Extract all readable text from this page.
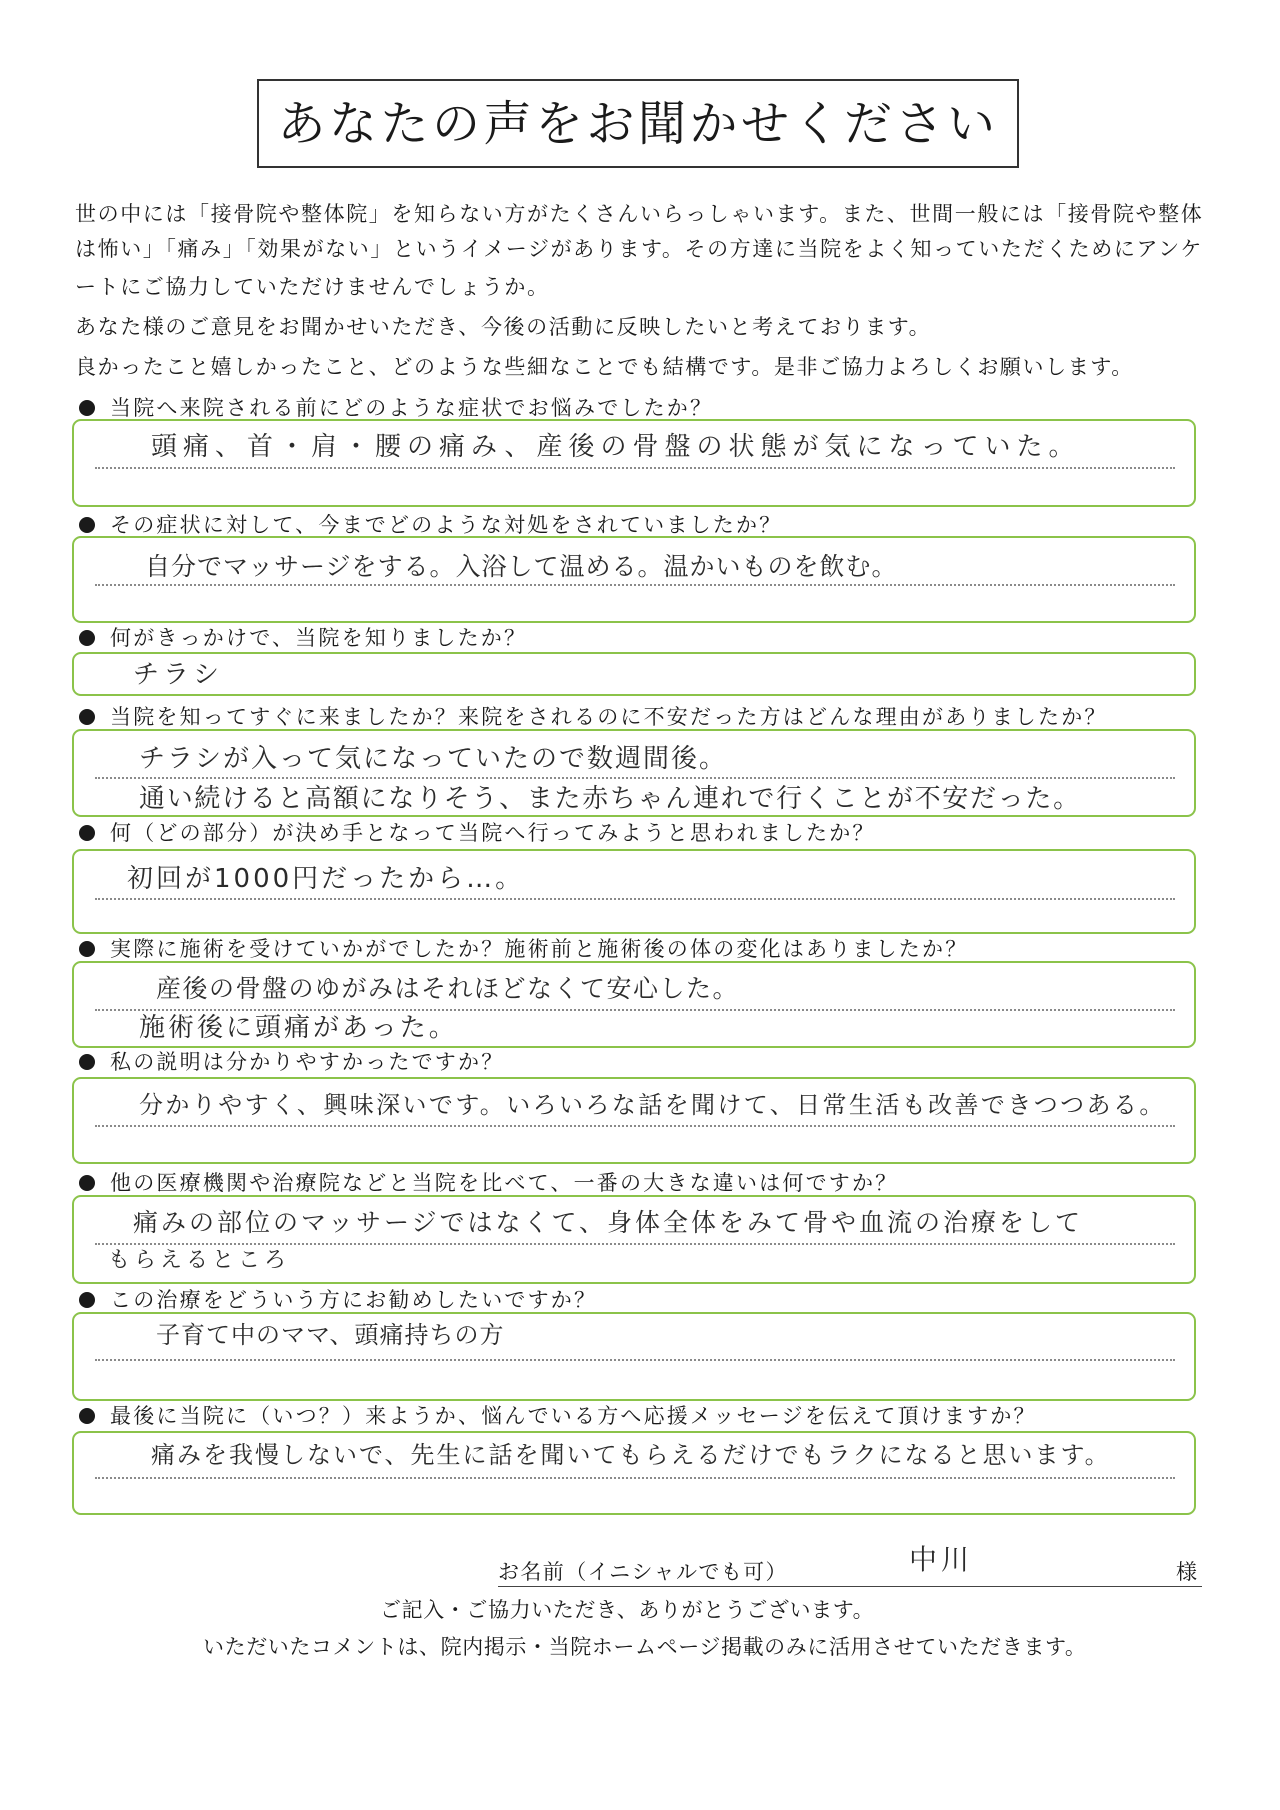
あなたの声をお聞かせください
世の中には「接骨院や整体院」を知らない方がたくさんいらっしゃいます。また、世間一般には「接骨院や整体
は怖い」「痛み」「効果がない」というイメージがあります。その方達に当院をよく知っていただくためにアンケ
ートにご協力していただけませんでしょうか。
あなた様のご意見をお聞かせいただき、今後の活動に反映したいと考えております。
良かったこと嬉しかったこと、どのような些細なことでも結構です。是非ご協力よろしくお願いします。
当院へ来院される前にどのような症状でお悩みでしたか？
頭痛、首・肩・腰の痛み、産後の骨盤の状態が気になっていた。
その症状に対して、今までどのような対処をされていましたか？
自分でマッサージをする。入浴して温める。温かいものを飲む。
何がきっかけで、当院を知りましたか？
チラシ
当院を知ってすぐに来ましたか？来院をされるのに不安だった方はどんな理由がありましたか？
チラシが入って気になっていたので数週間後。
通い続けると高額になりそう、また赤ちゃん連れで行くことが不安だった。
何（どの部分）が決め手となって当院へ行ってみようと思われましたか？
初回が1000円だったから…。
実際に施術を受けていかがでしたか？施術前と施術後の体の変化はありましたか？
産後の骨盤のゆがみはそれほどなくて安心した。
施術後に頭痛があった。
私の説明は分かりやすかったですか？
分かりやすく、興味深いです。いろいろな話を聞けて、日常生活も改善できつつある。
他の医療機関や治療院などと当院を比べて、一番の大きな違いは何ですか？
痛みの部位のマッサージではなくて、身体全体をみて骨や血流の治療をして
もらえるところ
この治療をどういう方にお勧めしたいですか？
子育て中のママ、頭痛持ちの方
最後に当院に（いつ？）来ようか、悩んでいる方へ応援メッセージを伝えて頂けますか？
痛みを我慢しないで、先生に話を聞いてもらえるだけでもラクになると思います。
お名前（イニシャルでも可）	中川	様
ご記入・ご協力いただき、ありがとうございます。
いただいたコメントは、院内掲示・当院ホームページ掲載のみに活用させていただきます。
